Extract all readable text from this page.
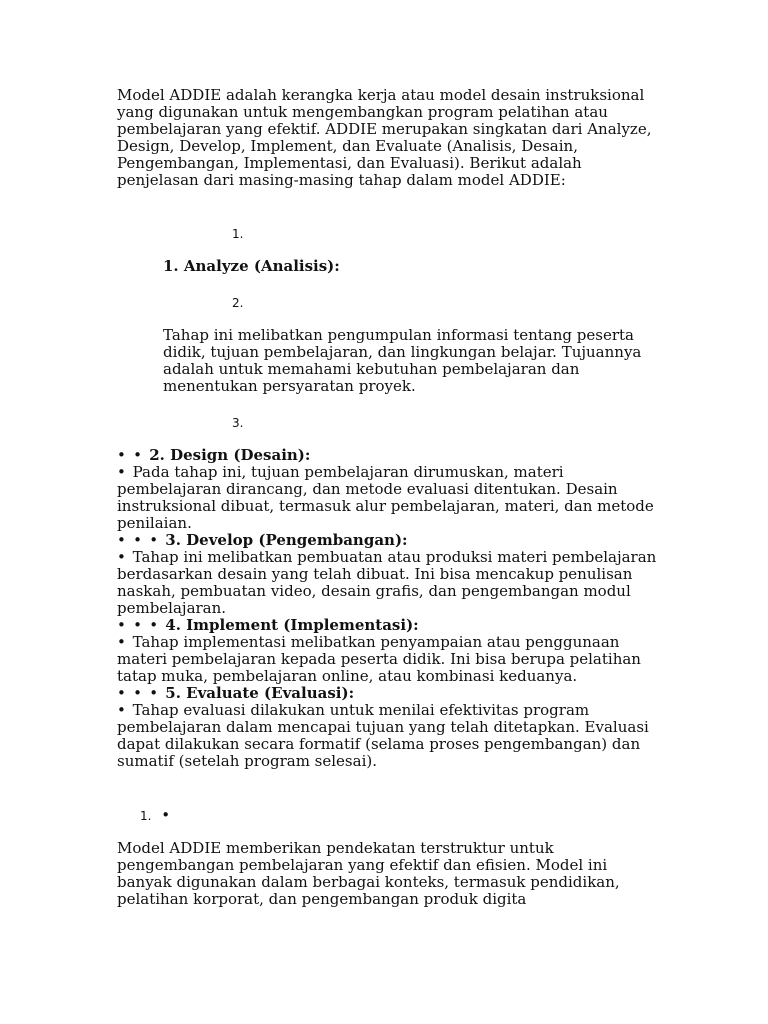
Model ADDIE adalah kerangka kerja atau model desain instruksional yang digunakan untuk mengembangkan program pelatihan atau pembelajaran yang efektif. ADDIE merupakan singkatan dari Analyze, Design, Develop, Implement, dan Evaluate (Analisis, Desain, Pengembangan, Implementasi, dan Evaluasi). Berikut adalah penjelasan dari masing-masing tahap dalam model ADDIE:

1.
1. Analyze (Analisis):
2.

Tahap ini melibatkan pengumpulan informasi tentang peserta didik, tujuan pembelajaran, dan lingkungan belajar. Tujuannya adalah untuk memahami kebutuhan pembelajaran dan menentukan persyaratan proyek.

3.

• • 2. Design (Desain):

• Pada tahap ini, tujuan pembelajaran dirumuskan, materi pembelajaran dirancang, dan metode evaluasi ditentukan. Desain instruksional dibuat, termasuk alur pembelajaran, materi, dan metode penilaian.

• • • 3. Develop (Pengembangan):

• Tahap ini melibatkan pembuatan atau produksi materi pembelajaran berdasarkan desain yang telah dibuat. Ini bisa mencakup penulisan naskah, pembuatan video, desain grafis, dan pengembangan modul pembelajaran.

• • • 4. Implement (Implementasi):

• Tahap implementasi melibatkan penyampaian atau penggunaan materi pembelajaran kepada peserta didik. Ini bisa berupa pelatihan tatap muka, pembelajaran online, atau kombinasi keduanya.

• • • 5. Evaluate (Evaluasi):

• Tahap evaluasi dilakukan untuk menilai efektivitas program pembelajaran dalam mencapai tujuan yang telah ditetapkan. Evaluasi dapat dilakukan secara formatif (selama proses pengembangan) dan sumatif (setelah program selesai).

1. •

Model ADDIE memberikan pendekatan terstruktur untuk pengembangan pembelajaran yang efektif dan efisien. Model ini banyak digunakan dalam berbagai konteks, termasuk pendidikan, pelatihan korporat, dan pengembangan produk digita
